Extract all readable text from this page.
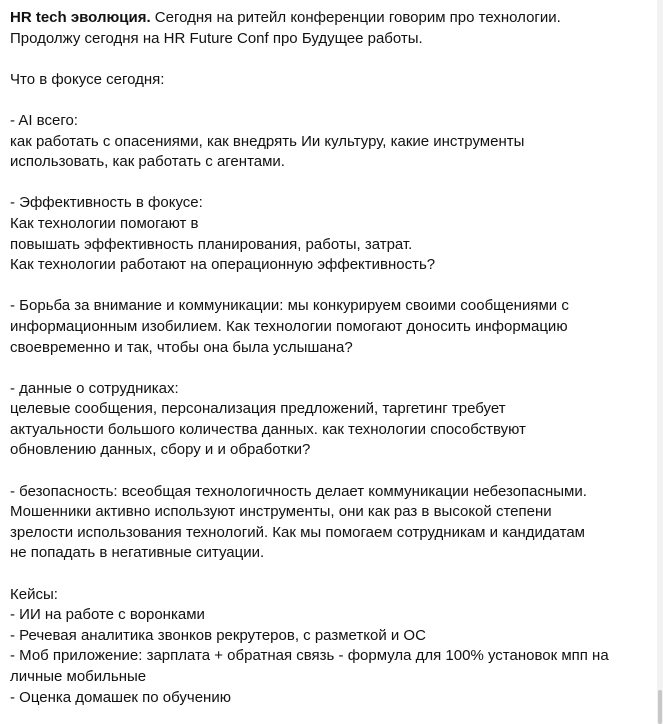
HR tech эволюция. Сегодня на ритейл конференции говорим про технологии.
Продолжу сегодня на HR Future Conf про Будущее работы.
Что в фокусе сегодня:
- AI всего:
как работать с опасениями, как внедрять Ии культуру, какие инструменты
использовать, как работать с агентами.
- Эффективность в фокусе:
Как технологии помогают в
повышать эффективность планирования, работы, затрат.
Как технологии работают на операционную эффективность?
- Борьба за внимание и коммуникации: мы конкурируем своими сообщениями с
информационным изобилием. Как технологии помогают доносить информацию
своевременно и так, чтобы она была услышана?
- данные о сотрудниках:
целевые сообщения, персонализация предложений, таргетинг требует
актуальности большого количества данных. как технологии способствуют
обновлению данных, сбору и и обработки?
- безопасность: всеобщая технологичность делает коммуникации небезопасными.
Мошенники активно используют инструменты, они как раз в высокой степени
зрелости использования технологий. Как мы помогаем сотрудникам и кандидатам
не попадать в негативные ситуации.
Кейсы:
- ИИ на работе с воронками
- Речевая аналитика звонков рекрутеров, с разметкой и ОС
- Моб приложение: зарплата + обратная связь - формула для 100% установок мпп на
личные мобильные
- Оценка домашек по обучению
